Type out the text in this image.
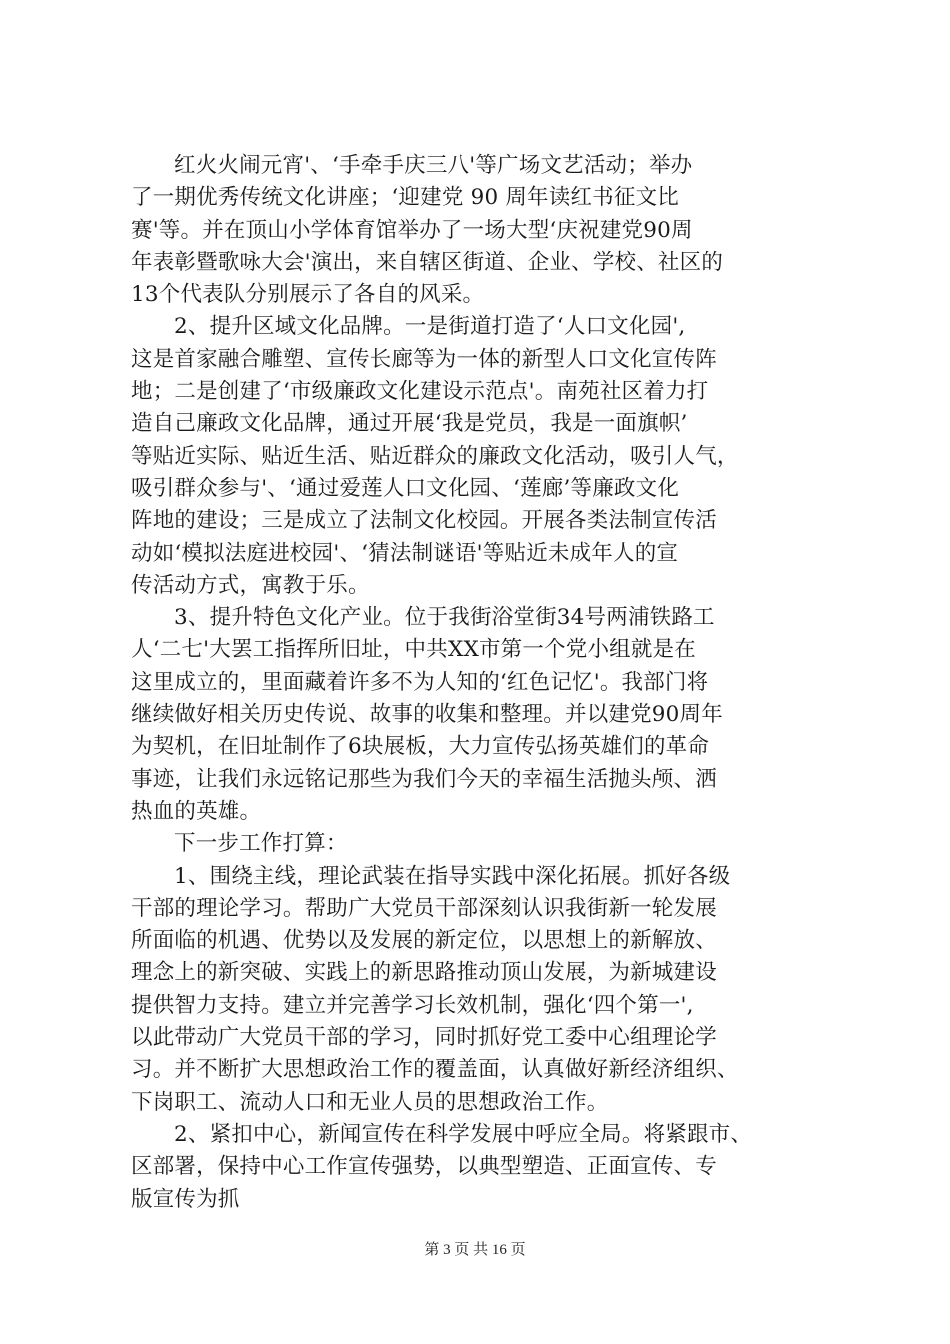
红火火闹元宵'、‘手牵手庆三八'等广场文艺活动；举办
了一期优秀传统文化讲座；‘迎建党 90 周年读红书征文比
赛'等。并在顶山小学体育馆举办了一场大型‘庆祝建党90周
年表彰暨歌咏大会'演出，来自辖区街道、企业、学校、社区的
13个代表队分别展示了各自的风采。
2、提升区域文化品牌。一是街道打造了‘人口文化园',
这是首家融合雕塑、宣传长廊等为一体的新型人口文化宣传阵
地；二是创建了‘市级廉政文化建设示范点'。南苑社区着力打
造自己廉政文化品牌，通过开展‘我是党员，我是一面旗帜’
等贴近实际、贴近生活、贴近群众的廉政文化活动，吸引人气，
吸引群众参与'、‘通过爱莲人口文化园、‘莲廊’等廉政文化
阵地的建设；三是成立了法制文化校园。开展各类法制宣传活
动如‘模拟法庭进校园'、‘猜法制谜语'等贴近未成年人的宣
传活动方式，寓教于乐。
3、提升特色文化产业。位于我街浴堂街34号两浦铁路工
人‘二七'大罢工指挥所旧址，中共XX市第一个党小组就是在
这里成立的，里面藏着许多不为人知的‘红色记忆'。我部门将
继续做好相关历史传说、故事的收集和整理。并以建党90周年
为契机，在旧址制作了6块展板，大力宣传弘扬英雄们的革命
事迹，让我们永远铭记那些为我们今天的幸福生活抛头颅、洒
热血的英雄。
下一步工作打算：
1、围绕主线，理论武装在指导实践中深化拓展。抓好各级
干部的理论学习。帮助广大党员干部深刻认识我街新一轮发展
所面临的机遇、优势以及发展的新定位，以思想上的新解放、
理念上的新突破、实践上的新思路推动顶山发展，为新城建设
提供智力支持。建立并完善学习长效机制，强化‘四个第一',
以此带动广大党员干部的学习，同时抓好党工委中心组理论学
习。并不断扩大思想政治工作的覆盖面，认真做好新经济组织、
下岗职工、流动人口和无业人员的思想政治工作。
2、紧扣中心，新闻宣传在科学发展中呼应全局。将紧跟市、
区部署，保持中心工作宣传强势，以典型塑造、正面宣传、专
版宣传为抓
第 3 页 共 16 页
